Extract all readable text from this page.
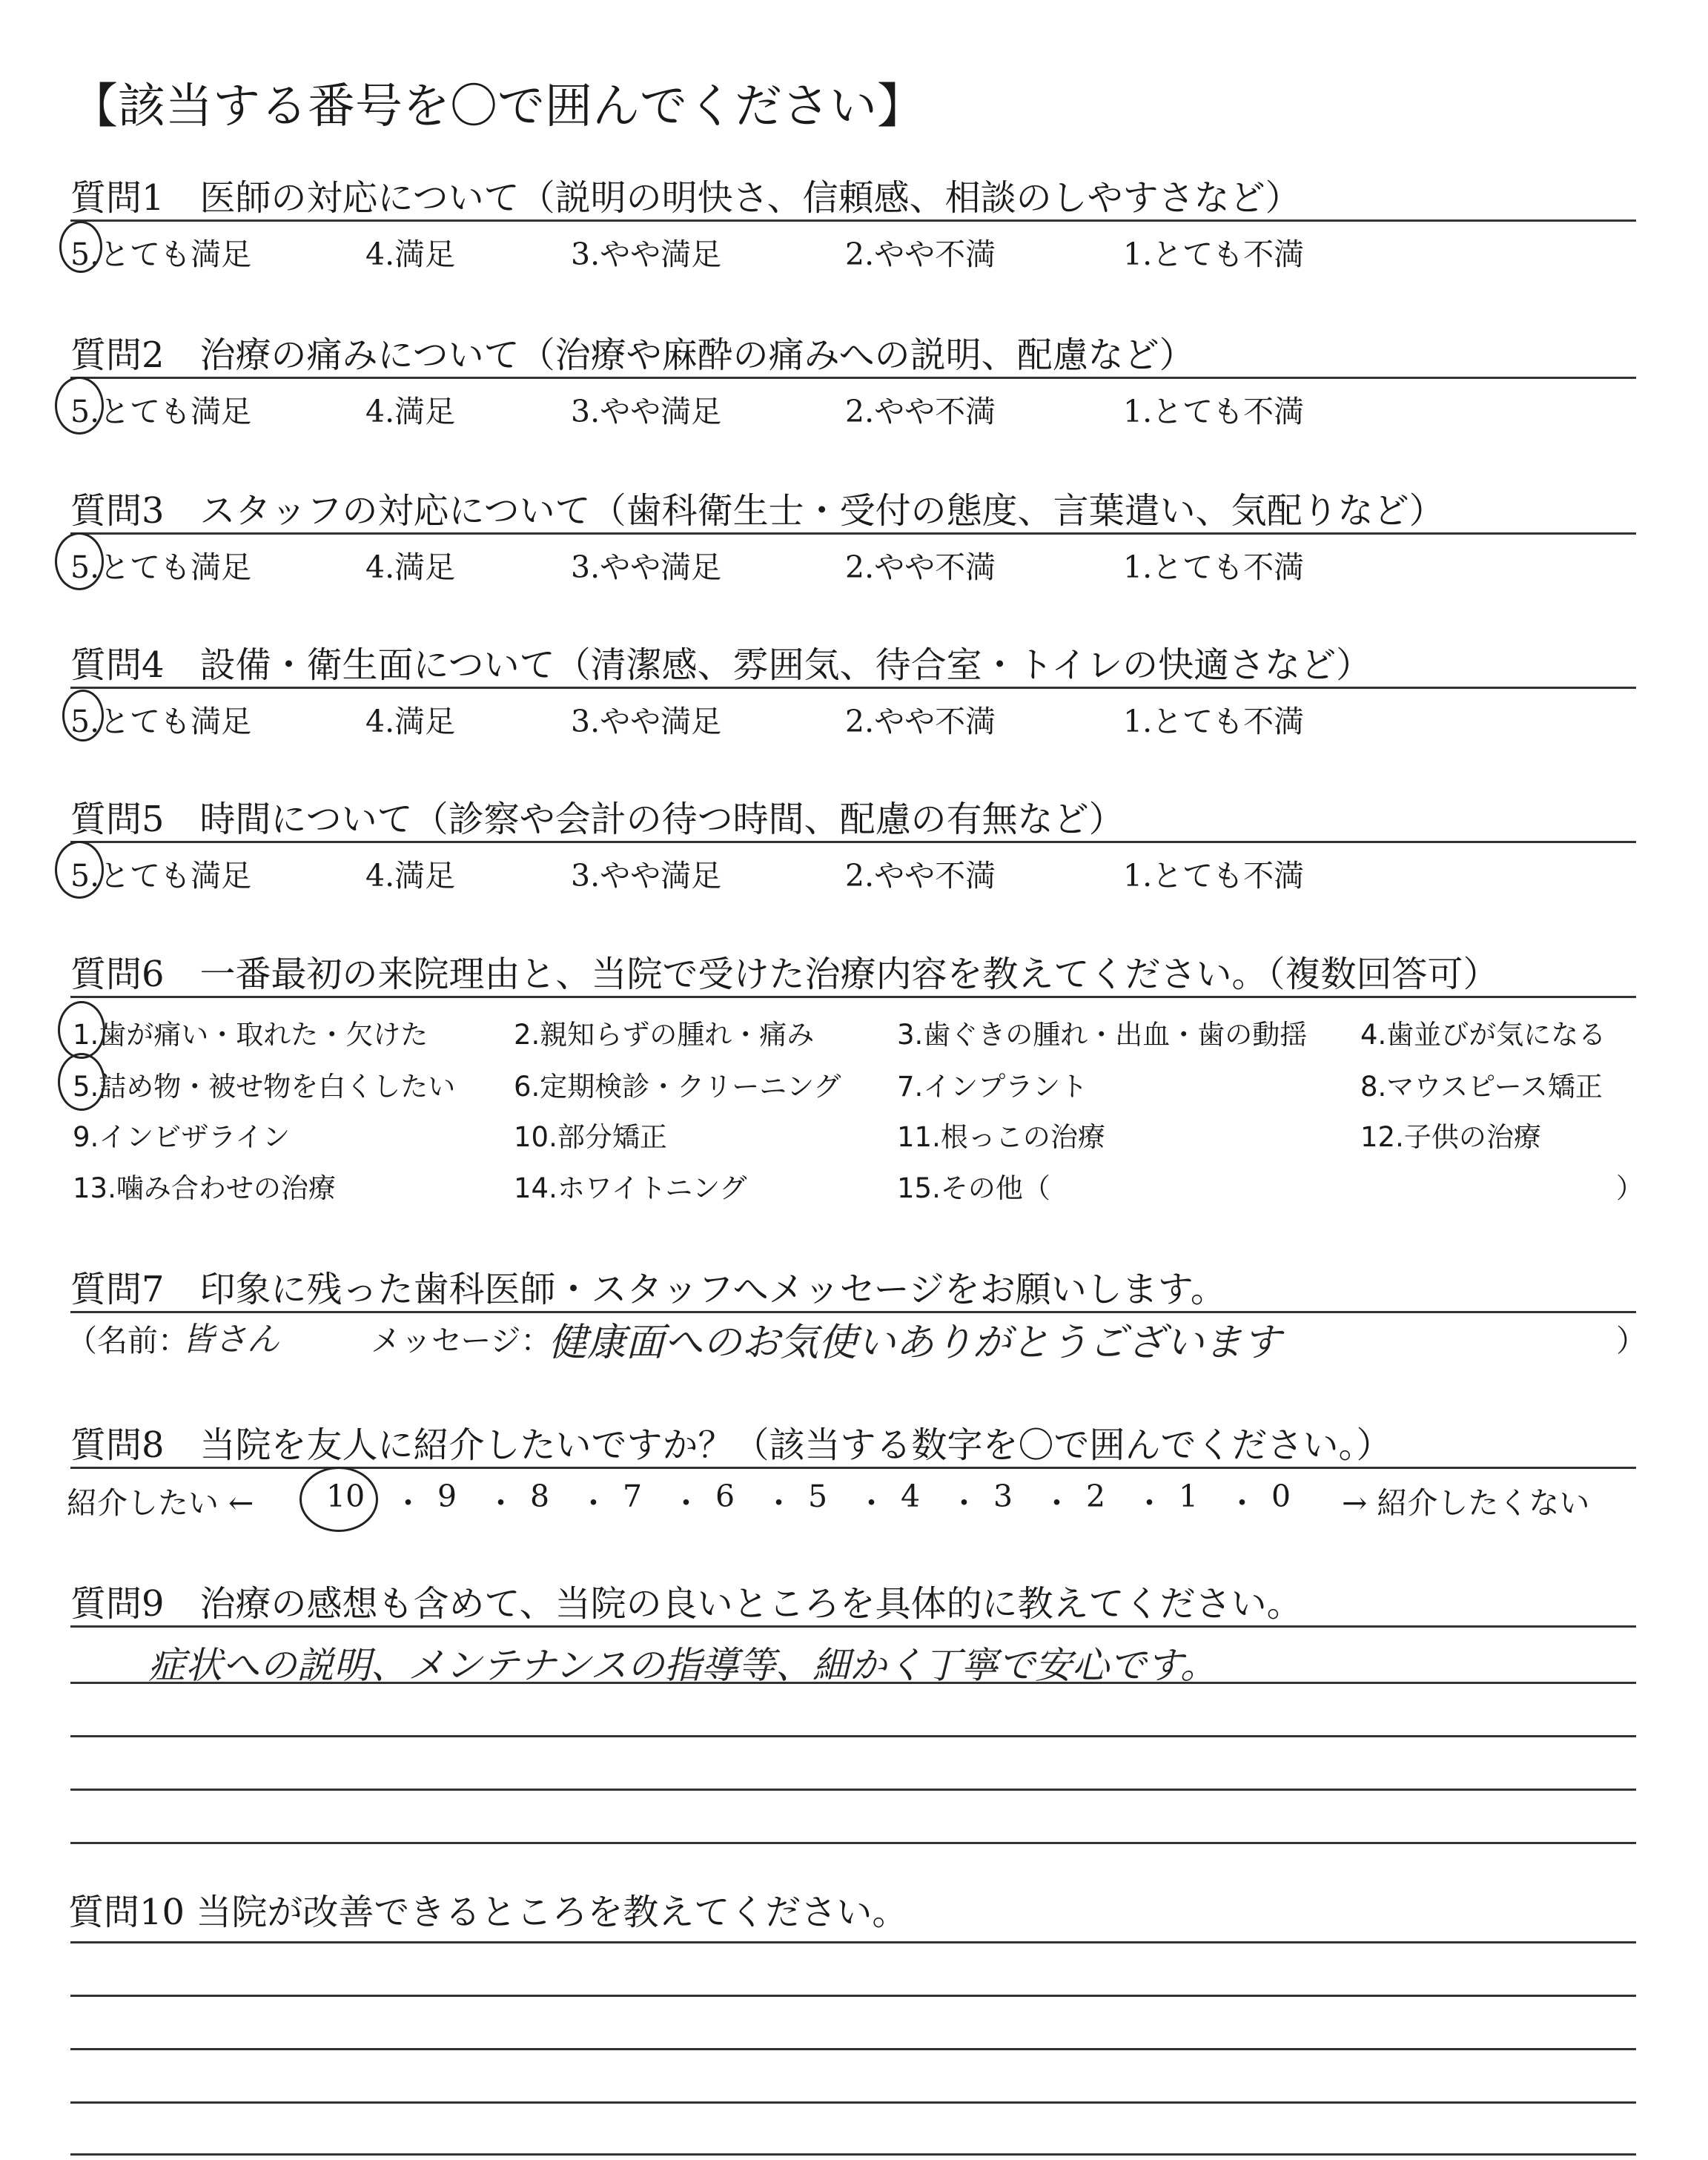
【該当する番号を〇で囲んでください】
質問1　医師の対応について（説明の明快さ、信頼感、相談のしやすさなど）
5.とても満足	4.満足	3.やや満足	2.やや不満	1.とても不満
質問2　治療の痛みについて（治療や麻酔の痛みへの説明、配慮など）
5.とても満足	4.満足	3.やや満足	2.やや不満	1.とても不満
質問3　スタッフの対応について（歯科衛生士・受付の態度、言葉遣い、気配りなど）
5.とても満足	4.満足	3.やや満足	2.やや不満	1.とても不満
質問4　設備・衛生面について（清潔感、雰囲気、待合室・トイレの快適さなど）
5.とても満足	4.満足	3.やや満足	2.やや不満	1.とても不満
質問5　時間について（診察や会計の待つ時間、配慮の有無など）
5.とても満足	4.満足	3.やや満足	2.やや不満	1.とても不満
質問6　一番最初の来院理由と、当院で受けた治療内容を教えてください。（複数回答可）
1.歯が痛い・取れた・欠けた	2.親知らずの腫れ・痛み	3.歯ぐきの腫れ・出血・歯の動揺 4.歯並びが気になる
5.詰め物・被せ物を白くしたい 6.定期検診・クリーニング 7.インプラント	8.マウスピース矯正
9.インビザライン	10.部分矯正	11.根っこの治療	12.子供の治療
13.噛み合わせの治療	14.ホワイトニング	15.その他（	）
質問7　印象に残った歯科医師・スタッフへメッセージをお願いします。
（名前：
皆さん	メッセージ：
健康面へのお気使いありがとうございます	）
質問8　当院を友人に紹介したいですか？（該当する数字を〇で囲んでください。）
紹介したい ← 10 ・ 9 ・ 8 ・ 7 ・ 6 ・ 5 ・ 4 ・ 3 ・ 2 ・ 1 ・ 0 → 紹介したくない
質問9　治療の感想も含めて、当院の良いところを具体的に教えてください。
症状への説明、メンテナンスの指導等、細かく丁寧で安心です。
質問10 当院が改善できるところを教えてください。
